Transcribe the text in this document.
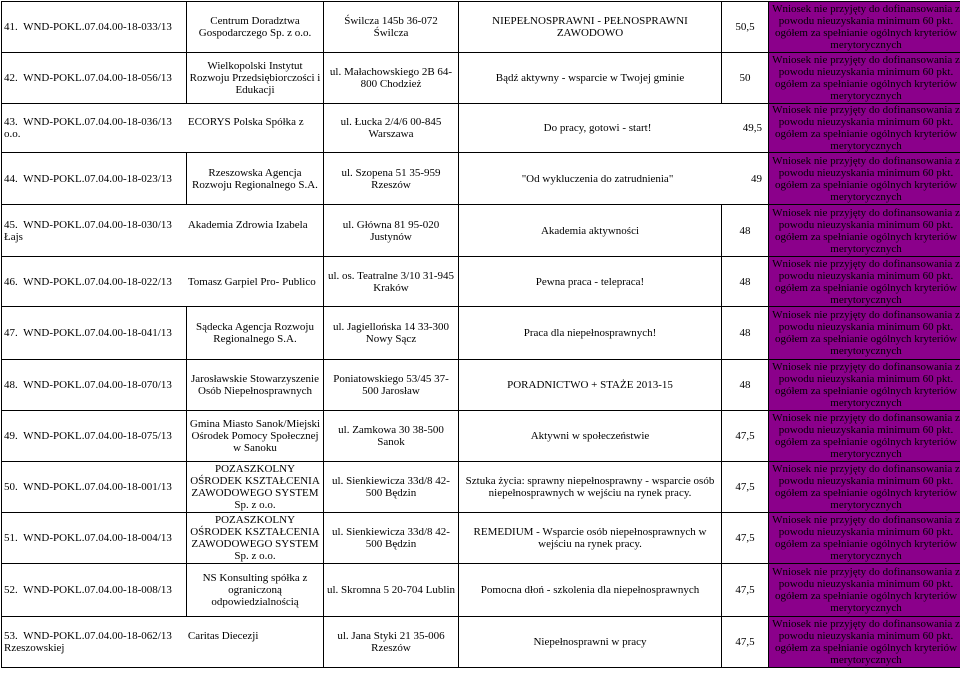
41. WND-POKL.07.04.00-18-033/13	Centrum Doradztwa Gospodarczego Sp. z o.o.	Świlcza 145b 36-072 Świlcza	NIEPEŁNOSPRAWNI - PEŁNOSPRAWNI ZAWODOWO	50,5	Wniosek nie przyjęty do dofinansowania z powodu nieuzyskania minimum 60 pkt. ogółem za spełnianie ogólnych kryteriów merytorycznych
42. WND-POKL.07.04.00-18-056/13	Wielkopolski Instytut Rozwoju Przedsiębiorczości i Edukacji	ul. Małachowskiego 2B 64-800 Chodzież	Bądź aktywny - wsparcie w Twojej gminie	50	Wniosek nie przyjęty do dofinansowania z powodu nieuzyskania minimum 60 pkt. ogółem za spełnianie ogólnych kryteriów merytorycznych
43. WND-POKL.07.04.00-18-036/13 ECORYS Polska Spółka z o.o.		ul. Łucka 2/4/6 00-845 Warszawa	Do pracy, gotowi - start! 49,5		Wniosek nie przyjęty do dofinansowania z powodu nieuzyskania minimum 60 pkt. ogółem za spełnianie ogólnych kryteriów merytorycznych
44. WND-POKL.07.04.00-18-023/13	Rzeszowska Agencja Rozwoju Regionalnego S.A.	ul. Szopena 51 35-959 Rzeszów	"Od wykluczenia do zatrudnienia" 49		Wniosek nie przyjęty do dofinansowania z powodu nieuzyskania minimum 60 pkt. ogółem za spełnianie ogólnych kryteriów merytorycznych
45. WND-POKL.07.04.00-18-030/13 Akademia Zdrowia Izabela Łajs		ul. Główna 81 95-020 Justynów	Akademia aktywności	48	Wniosek nie przyjęty do dofinansowania z powodu nieuzyskania minimum 60 pkt. ogółem za spełnianie ogólnych kryteriów merytorycznych
46. WND-POKL.07.04.00-18-022/13 Tomasz Garpiel Pro- Publico		ul. os. Teatralne 3/10 31-945 Kraków	Pewna praca - telepraca!	48	Wniosek nie przyjęty do dofinansowania z powodu nieuzyskania minimum 60 pkt. ogółem za spełnianie ogólnych kryteriów merytorycznych
47. WND-POKL.07.04.00-18-041/13	Sądecka Agencja Rozwoju Regionalnego S.A.	ul. Jagiellońska 14 33-300 Nowy Sącz	Praca dla niepełnosprawnych!	48	Wniosek nie przyjęty do dofinansowania z powodu nieuzyskania minimum 60 pkt. ogółem za spełnianie ogólnych kryteriów merytorycznych
48. WND-POKL.07.04.00-18-070/13	Jarosławskie Stowarzyszenie Osób Niepełnosprawnych	Poniatowskiego 53/45 37-500 Jarosław	PORADNICTWO + STAŻE 2013-15	48	Wniosek nie przyjęty do dofinansowania z powodu nieuzyskania minimum 60 pkt. ogółem za spełnianie ogólnych kryteriów merytorycznych
49. WND-POKL.07.04.00-18-075/13	Gmina Miasto Sanok/Miejski Ośrodek Pomocy Społecznej w Sanoku	ul. Zamkowa 30 38-500 Sanok	Aktywni w społeczeństwie	47,5	Wniosek nie przyjęty do dofinansowania z powodu nieuzyskania minimum 60 pkt. ogółem za spełnianie ogólnych kryteriów merytorycznych
50. WND-POKL.07.04.00-18-001/13	POZASZKOLNY OŚRODEK KSZTAŁCENIA ZAWODOWEGO SYSTEM Sp. z o.o.	ul. Sienkiewicza 33d/8 42-500 Będzin	Sztuka życia: sprawny niepełnosprawny - wsparcie osób niepełnosprawnych w wejściu na rynek pracy.	47,5	Wniosek nie przyjęty do dofinansowania z powodu nieuzyskania minimum 60 pkt. ogółem za spełnianie ogólnych kryteriów merytorycznych
51. WND-POKL.07.04.00-18-004/13	POZASZKOLNY OŚRODEK KSZTAŁCENIA ZAWODOWEGO SYSTEM Sp. z o.o.	ul. Sienkiewicza 33d/8 42-500 Będzin	REMEDIUM - Wsparcie osób niepełnosprawnych w wejściu na rynek pracy.	47,5	Wniosek nie przyjęty do dofinansowania z powodu nieuzyskania minimum 60 pkt. ogółem za spełnianie ogólnych kryteriów merytorycznych
52. WND-POKL.07.04.00-18-008/13	NS Konsulting spółka z ograniczoną odpowiedzialnością	ul. Skromna 5 20-704 Lublin	Pomocna dłoń - szkolenia dla niepełnosprawnych	47,5	Wniosek nie przyjęty do dofinansowania z powodu nieuzyskania minimum 60 pkt. ogółem za spełnianie ogólnych kryteriów merytorycznych
53. WND-POKL.07.04.00-18-062/13 Caritas Diecezji Rzeszowskiej		ul. Jana Styki 21 35-006 Rzeszów	Niepełnosprawni w pracy	47,5	Wniosek nie przyjęty do dofinansowania z powodu nieuzyskania minimum 60 pkt. ogółem za spełnianie ogólnych kryteriów merytorycznych
